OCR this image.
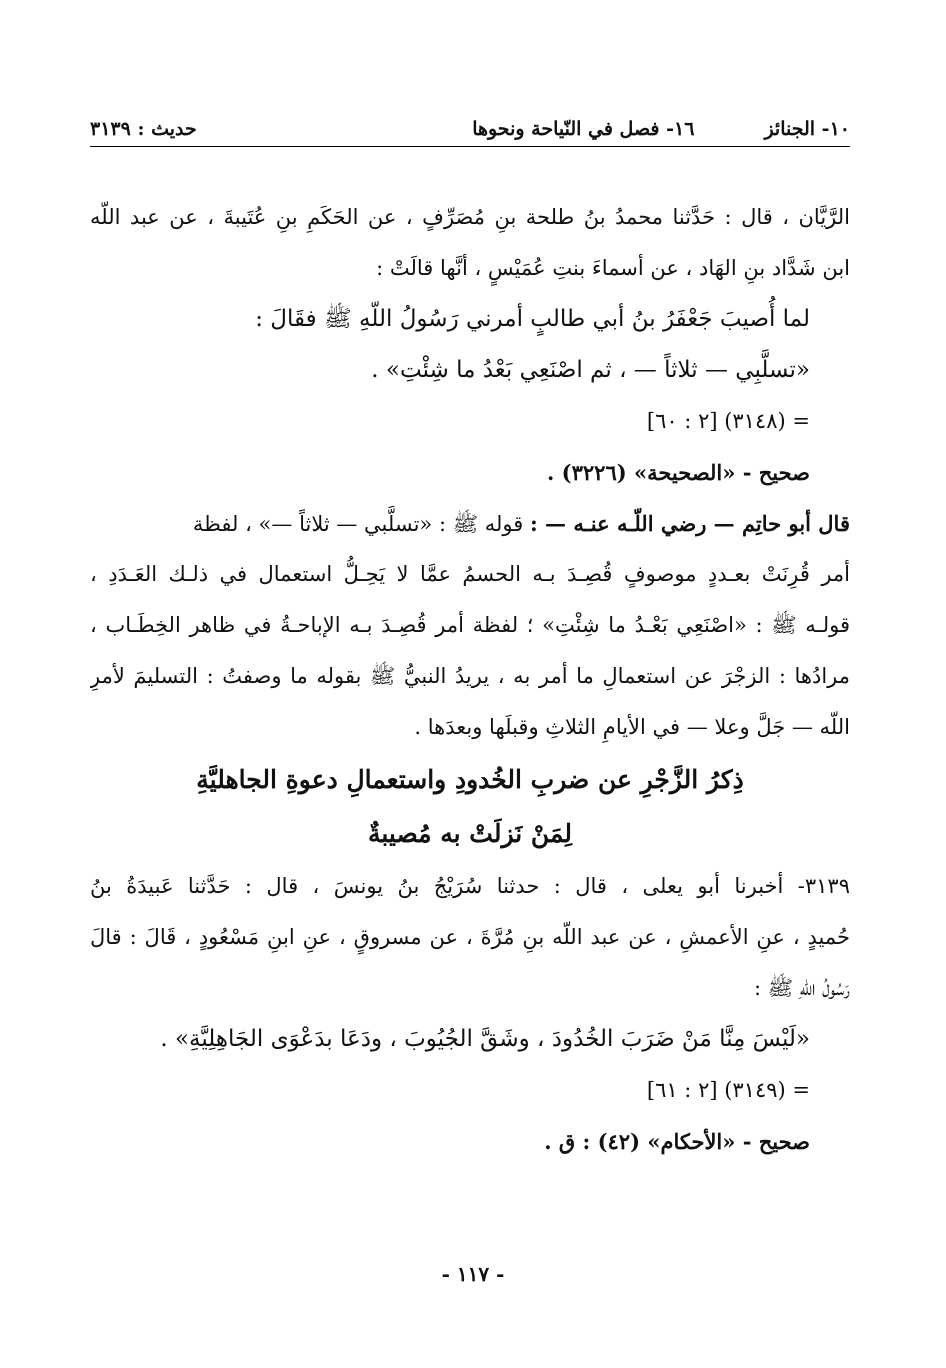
١٠- الجنائز
١٦- فصل في النّياحة ونحوها
حديث : ٣١٣٩
الرَّيَّان ، قال : حَدَّثنا محمدُ بنُ طلحة بنِ مُصَرِّفٍ ، عن الحَكَمِ بنِ عُتَيبةَ ، عن عبد اللّه
ابن شَدَّاد بنِ الهَاد ، عن أسماءَ بنتِ عُمَيْسٍ ، أنَّها قالَتْ :
لما أُصيبَ جَعْفَرُ بنُ أبي طالبٍ أمرني رَسُولُ اللّهِ ﷺ فقَالَ :
«تسلَّبِي — ثلاثاً — ، ثم اصْنَعِي بَعْدُ ما شِئْتِ» .
= (٣١٤٨) [٢ : ٦٠]
صحيح - «الصحيحة» (٣٢٢٦) .
قال أبو حاتِم — رضي اللّـه عنـه — : قوله ﷺ : «تسلَّبي — ثلاثاً —» ، لفظة
أمر قُرِنَتْ بعـددٍ موصوفٍ قُصِـدَ بـه الحسمُ عمَّا لا يَحِـلُّ استعمال في ذلـك العَـدَدِ ،
قولـه ﷺ : «اصْنَعِي بَعْـدُ ما شِئْتِ» ؛ لفظة أمر قُصِـدَ بـه الإباحـةُ في ظاهر الخِطَـاب ،
مرادُها : الزجْرَ عن استعمالِ ما أمر به ، يريدُ النبيُّ ﷺ بقوله ما وصفتُ : التسليمَ لأمرِ
اللّه — جَلَّ وعلا — في الأيامِ الثلاثِ وقبلَها وبعدَها .
ذِكرُ الزَّجْرِ عن ضربِ الخُدودِ واستعمالِ دعوةِ الجاهليَّةِ
لِمَنْ نَزلَتْ به مُصيبةٌ
٣١٣٩- أخبرنا أبو يعلى ، قال : حدثنا سُرَيْجُ بنُ يونسَ ، قال : حَدَّثنا عَبيدَةُ بنُ
حُميدٍ ، عنِ الأعمشِ ، عن عبد اللّه بنِ مُرَّةَ ، عن مسروقٍ ، عنِ ابنِ مَسْعُودٍ ، قَالَ : قالَ
رَسُولُ اللّهِ ﷺ :
«لَيْسَ مِنَّا مَنْ ضَرَبَ الخُدُودَ ، وشَقَّ الجُيُوبَ ، ودَعَا بدَعْوَى الجَاهِلِيَّةِ» .
= (٣١٤٩) [٢ : ٦١]
صحيح - «الأحكام» (٤٢) : ق .
- ١١٧ -
